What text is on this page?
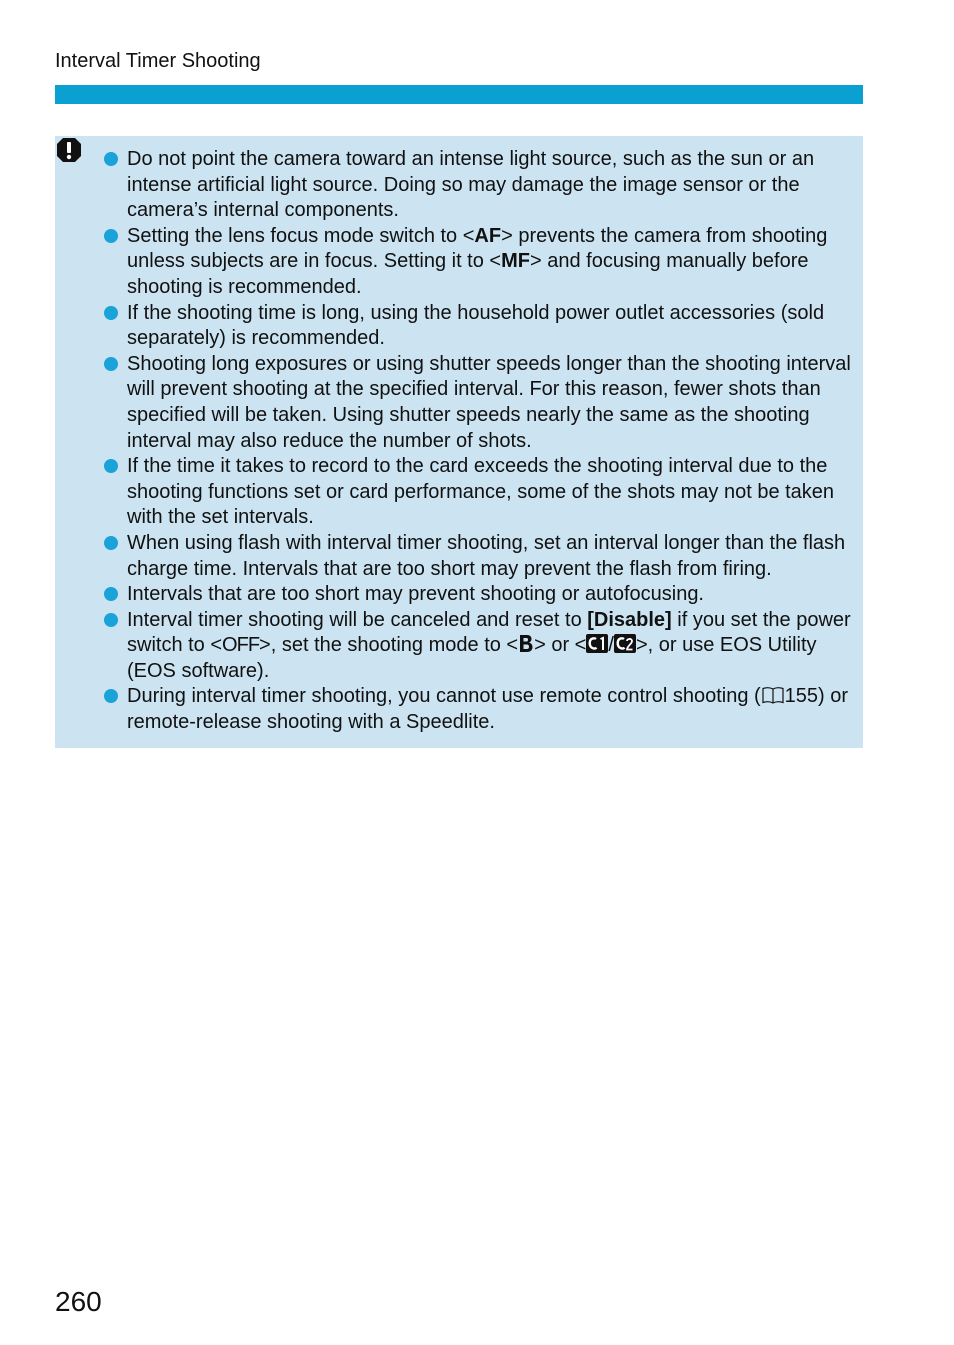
Interval Timer Shooting
Do not point the camera toward an intense light source, such as the sun or an intense artificial light source. Doing so may damage the image sensor or the camera’s internal components.
Setting the lens focus mode switch to <AF> prevents the camera from shooting unless subjects are in focus. Setting it to <MF> and focusing manually before shooting is recommended.
If the shooting time is long, using the household power outlet accessories (sold separately) is recommended.
Shooting long exposures or using shutter speeds longer than the shooting interval will prevent shooting at the specified interval. For this reason, fewer shots than specified will be taken. Using shutter speeds nearly the same as the shooting interval may also reduce the number of shots.
If the time it takes to record to the card exceeds the shooting interval due to the shooting functions set or card performance, some of the shots may not be taken with the set intervals.
When using flash with interval timer shooting, set an interval longer than the flash charge time. Intervals that are too short may prevent the flash from firing.
Intervals that are too short may prevent shooting or autofocusing.
Interval timer shooting will be canceled and reset to [Disable] if you set the power switch to <OFF>, set the shooting mode to < > or < / >, or use EOS Utility (EOS software).
During interval timer shooting, you cannot use remote control shooting ( 155) or remote-release shooting with a Speedlite.
260
